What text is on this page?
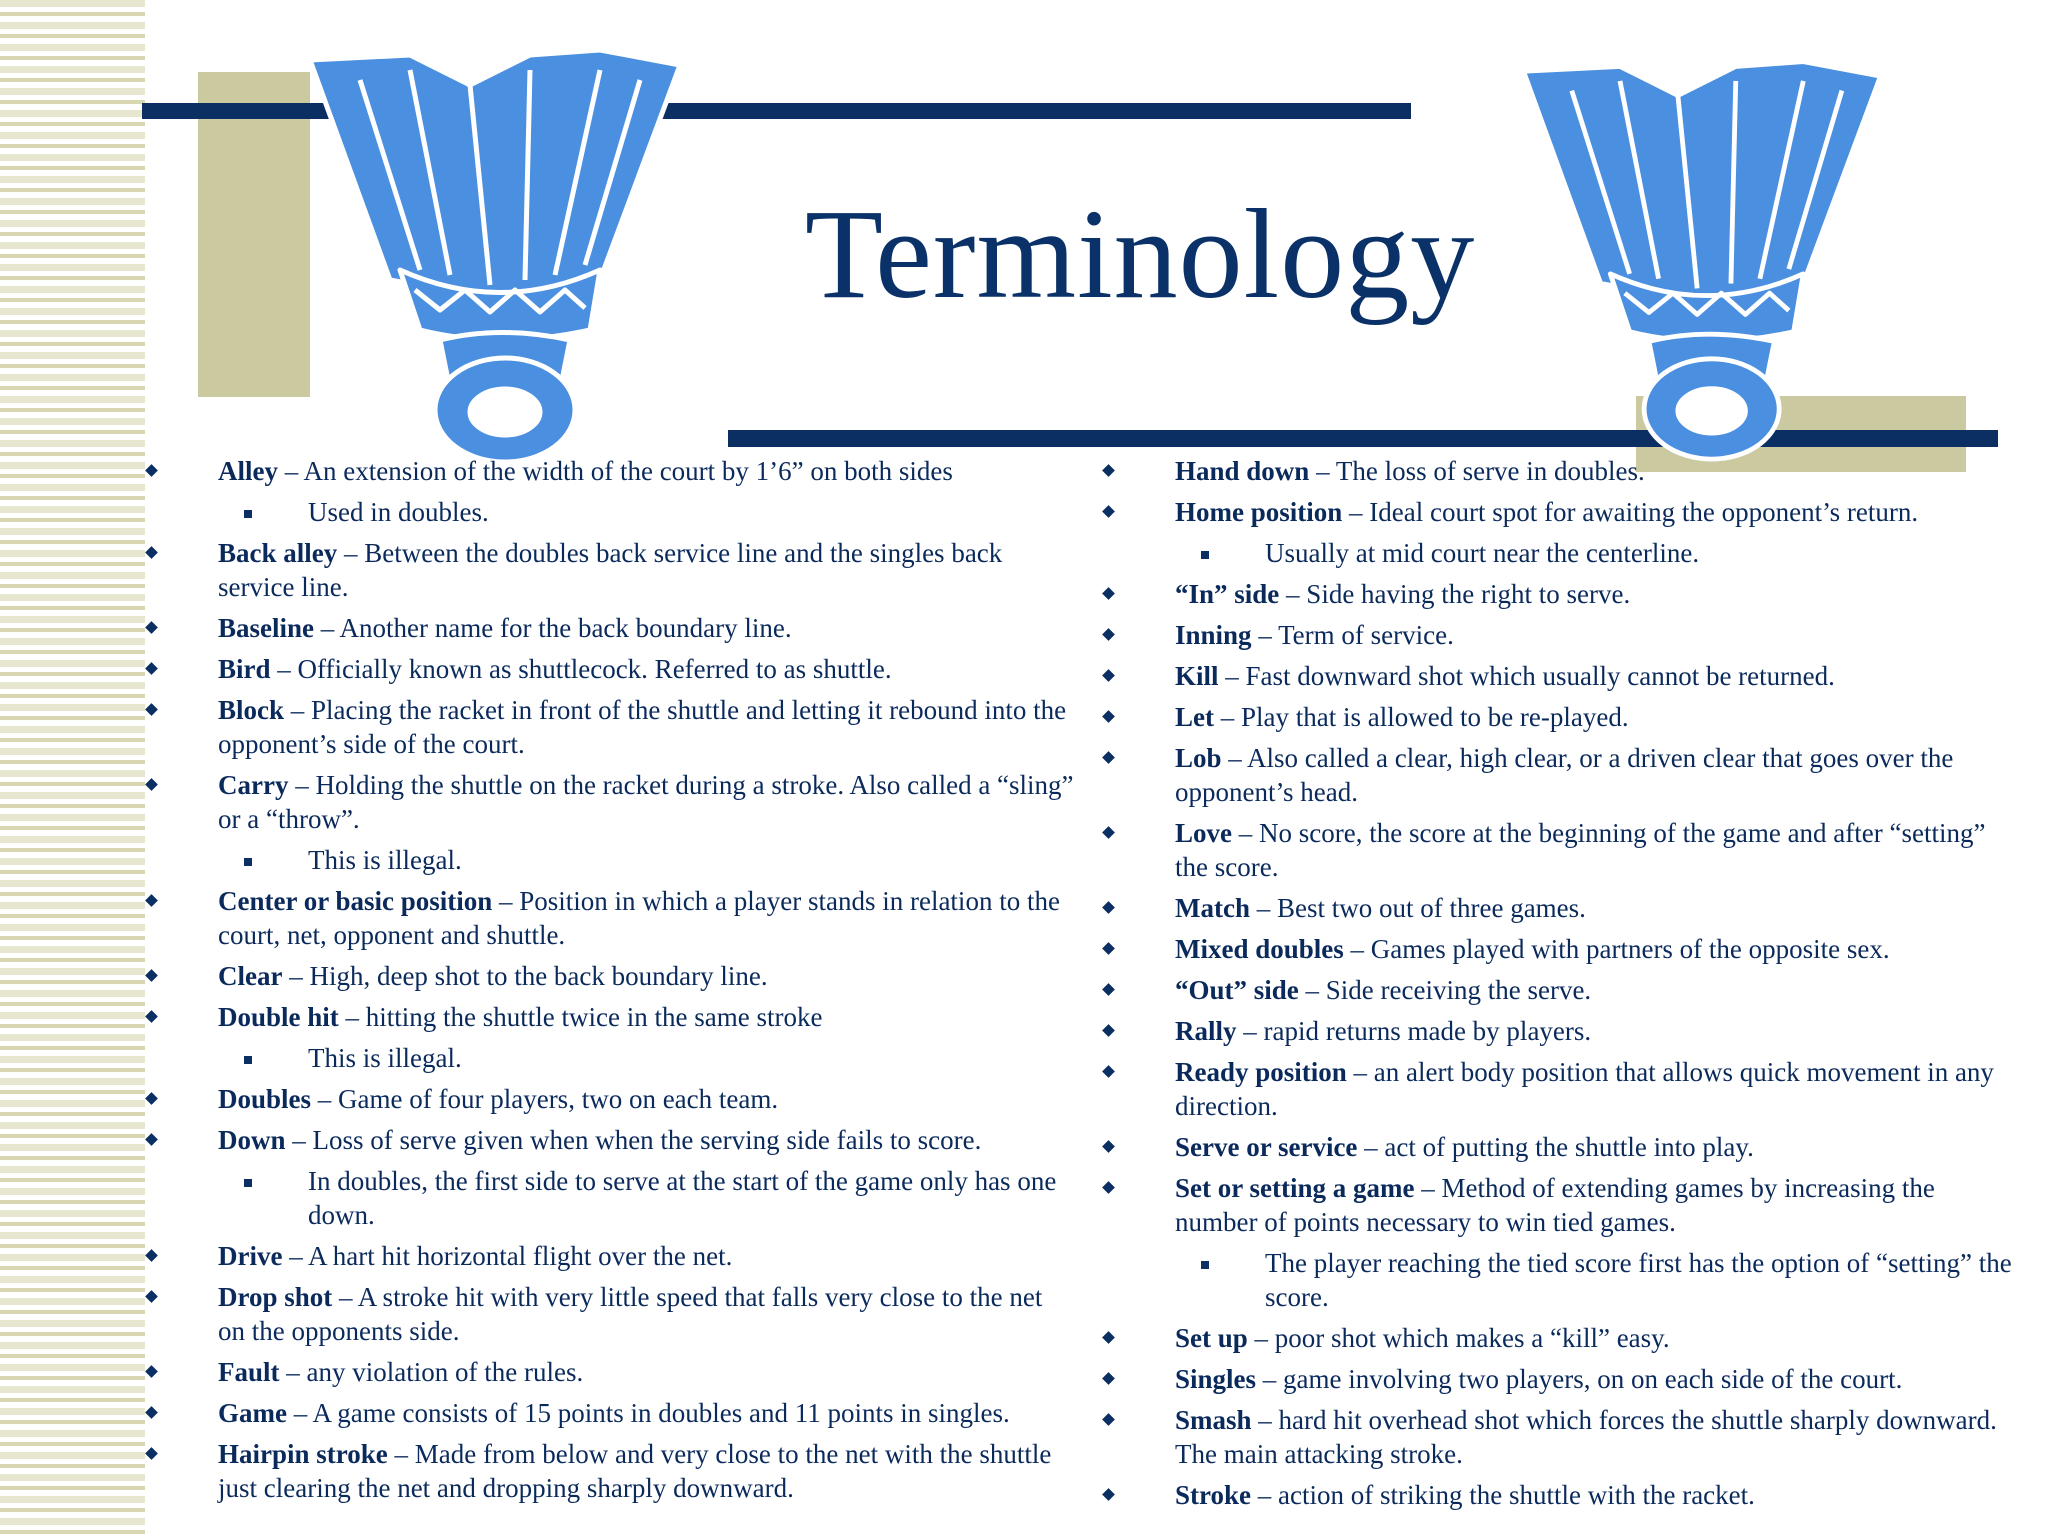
Terminology
Alley – An extension of the width of the court by 1’6” on both sides
Used in doubles.
Back alley – Between the doubles back service line and the singles back service line.
Baseline – Another name for the back boundary line.
Bird – Officially known as shuttlecock. Referred to as shuttle.
Block – Placing the racket in front of the shuttle and letting it rebound into the opponent’s side of the court.
Carry – Holding the shuttle on the racket during a stroke. Also called a “sling” or a “throw”.
This is illegal.
Center or basic position – Position in which a player stands in relation to the court, net, opponent and shuttle.
Clear – High, deep shot to the back boundary line.
Double hit – hitting the shuttle twice in the same stroke
This is illegal.
Doubles – Game of four players, two on each team.
Down – Loss of serve given when when the serving side fails to score.
In doubles, the first side to serve at the start of the game only has one down.
Drive – A hart hit horizontal flight over the net.
Drop shot – A stroke hit with very little speed that falls very close to the net on the opponents side.
Fault – any violation of the rules.
Game – A game consists of 15 points in doubles and 11 points in singles.
Hairpin stroke – Made from below and very close to the net with the shuttle just clearing the net and dropping sharply downward.
Hand down – The loss of serve in doubles.
Home position – Ideal court spot for awaiting the opponent’s return.
Usually at mid court near the centerline.
“In” side – Side having the right to serve.
Inning – Term of service.
Kill – Fast downward shot which usually cannot be returned.
Let – Play that is allowed to be re-played.
Lob – Also called a clear, high clear, or a driven clear that goes over the opponent’s head.
Love – No score, the score at the beginning of the game and after “setting” the score.
Match – Best two out of three games.
Mixed doubles – Games played with partners of the opposite sex.
“Out” side – Side receiving the serve.
Rally – rapid returns made by players.
Ready position – an alert body position that allows quick movement in any direction.
Serve or service – act of putting the shuttle into play.
Set or setting a game – Method of extending games by increasing the number of points necessary to win tied games.
The player reaching the tied score first has the option of “setting” the score.
Set up – poor shot which makes a “kill” easy.
Singles – game involving two players, on on each side of the court.
Smash – hard hit overhead shot which forces the shuttle sharply downward. The main attacking stroke.
Stroke – action of striking the shuttle with the racket.
